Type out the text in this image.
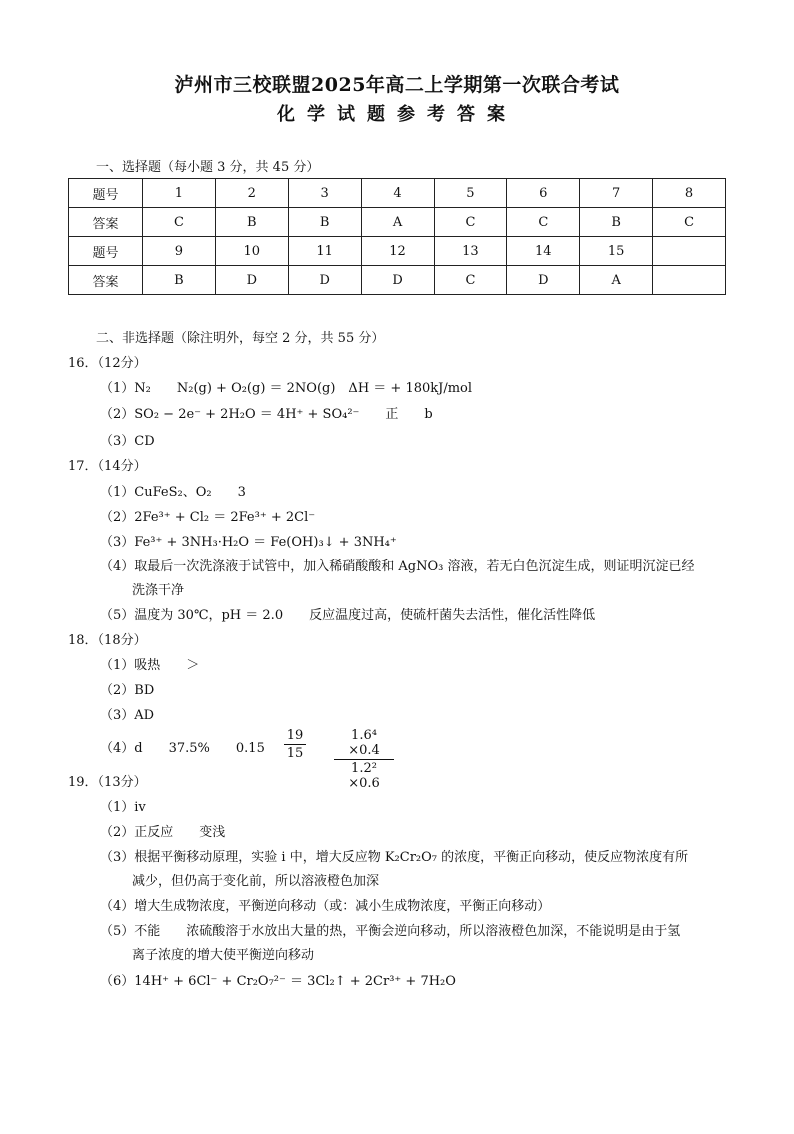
泸州市三校联盟2025年高二上学期第一次联合考试
化学试题参考答案
一、选择题（每小题 3 分，共 45 分）
题号	1	2	3	4	5	6	7	8
答案	C	B	B	A	C	C	B	C
题号	9	10	11	12	13	14	15	
答案	B	D	D	D	C	D	A	
二、非选择题（除注明外，每空 2 分，共 55 分）
16．（12分）
（1）N₂　　N₂(g) + O₂(g) ＝ 2NO(g)　ΔH ＝ + 180kJ/mol
（2）SO₂ − 2e⁻ + 2H₂O ＝ 4H⁺ + SO₄²⁻　　正　　b
（3）CD
17．（14分）
（1）CuFeS₂、O₂　　3
（2）2Fe³⁺ + Cl₂ ＝ 2Fe³⁺ + 2Cl⁻
（3）Fe³⁺ + 3NH₃·H₂O ＝ Fe(OH)₃↓ + 3NH₄⁺
（4）取最后一次洗涤液于试管中，加入稀硝酸酸和 AgNO₃ 溶液，若无白色沉淀生成，则证明沉淀已经
洗涤干净
（5）温度为 30℃，pH ＝ 2.0　　反应温度过高，使硫杆菌失去活性，催化活性降低
18．（18分）
（1）吸热　　＞
（2）BD
（3）AD
（4）d　　37.5%　　0.15
19
15
1.6⁴ ×0.4
1.2² ×0.6
19．（13分）
（1）ⅳ
（2）正反应　　变浅
（3）根据平衡移动原理，实验 ⅰ 中，增大反应物 K₂Cr₂O₇ 的浓度，平衡正向移动，使反应物浓度有所
减少，但仍高于变化前，所以溶液橙色加深
（4）增大生成物浓度，平衡逆向移动（或：减小生成物浓度，平衡正向移动）
（5）不能　　浓硫酸溶于水放出大量的热，平衡会逆向移动，所以溶液橙色加深，不能说明是由于氢
离子浓度的增大使平衡逆向移动
（6）14H⁺ + 6Cl⁻ + Cr₂O₇²⁻ ＝ 3Cl₂↑ + 2Cr³⁺ + 7H₂O
